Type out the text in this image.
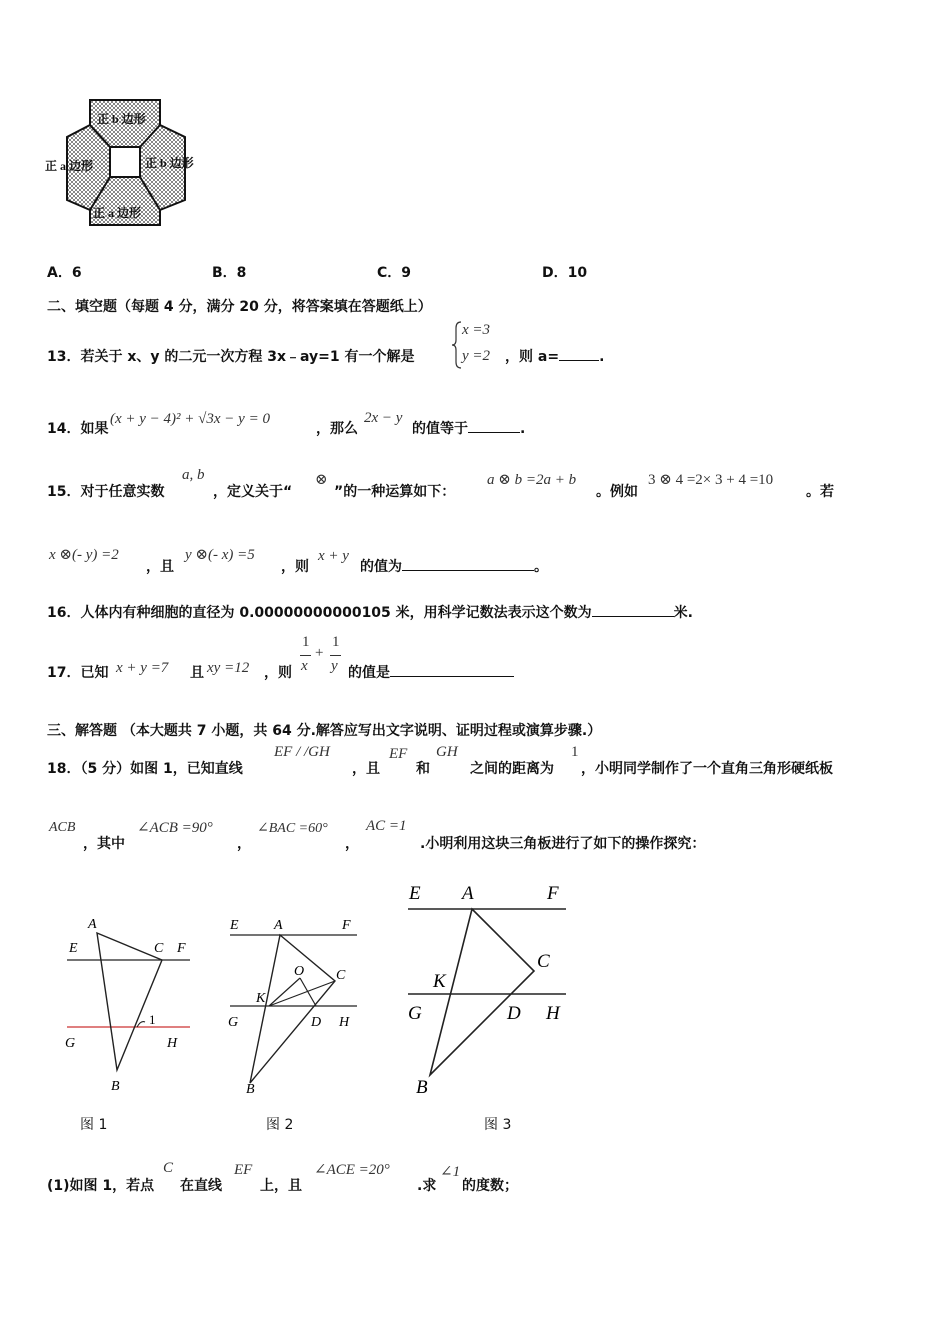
正 b 边形
正 a 边形	正 b 边形
正 a 边形
A．6	B．8	C．9	D．10
二、填空题（每题 4 分，满分 20 分，将答案填在答题纸上）
13．若关于 x、y 的二元一次方程 3x﹣ay=1 有一个解是
x =3
y =2 ，则 a=	.
14．如果
(x + y − 4)² + √3x − y = 0
，那么
2x − y
的值等于	.
15．对于任意实数
a, b
，定义关于“
⊗
”的一种运算如下：
a ⊗ b =2a + b
。例如
3 ⊗ 4 =2× 3 + 4 =10
。若
x ⊗(- y) =2
，且
y ⊗(- x) =5
，则
x + y
的值为	。
16．人体内有种细胞的直径为 0.00000000000105 米，用科学记数法表示这个数为	米.
17．已知 x + y =7 且 xy =12 ，则
1
x
+
1
y 的值是
三、解答题 （本大题共 7 小题，共 64 分.解答应写出文字说明、证明过程或演算步骤.）
18．（5 分）如图 1，已知直线
EF / /GH
，且
EF
和
GH
之间的距离为
1
，小明同学制作了一个直角三角形硬纸板
ACB
，其中
∠ACB =90°
，
∠BAC =60°
，
AC =1
.小明利用这块三角板进行了如下的操作探究：
A
E	C F
1
G	H
B
图 1
E	A	F
O C
K
G	D H
B
图 2
E A	F
C
K
G	D H
B
图 3
(1)如图 1，若点
C
在直线
EF
上，且
∠ACE =20°
.求
∠1
的度数；
